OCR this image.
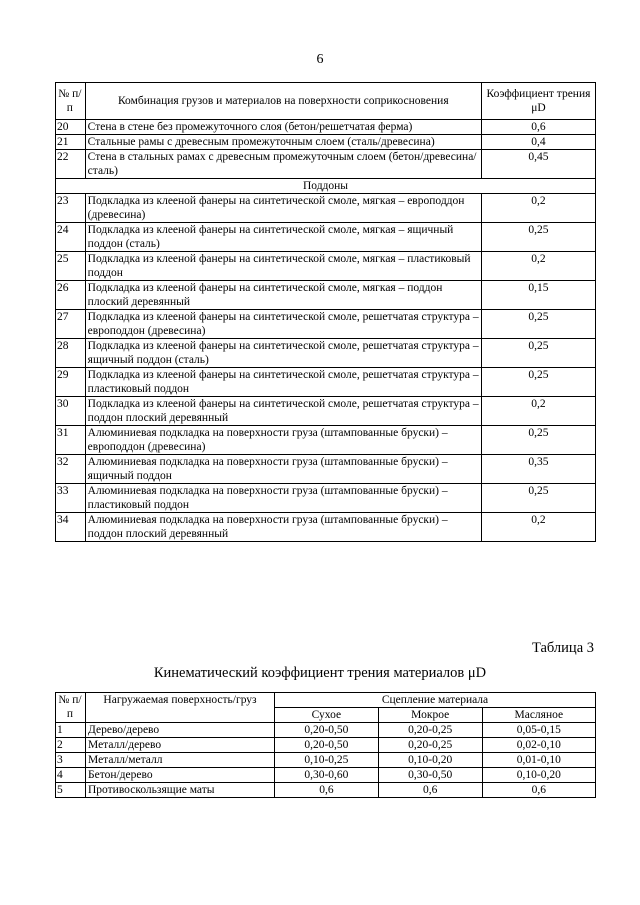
6
№ п/п	Комбинация грузов и материалов на поверхности соприкосновения	Коэффициент трения μD
20	Стена в стене без промежуточного слоя (бетон/решетчатая ферма)	0,6
21	Стальные рамы с древесным промежуточным слоем (сталь/древесина)	0,4
22	Стена в стальных рамах с древесным промежуточным слоем (бетон/древесина/сталь)	0,45
Поддоны		
23	Подкладка из клееной фанеры на синтетической смоле, мягкая – европоддон (древесина)	0,2
24	Подкладка из клееной фанеры на синтетической смоле, мягкая – ящичный поддон (сталь)	0,25
25	Подкладка из клееной фанеры на синтетической смоле, мягкая – пластиковый поддон	0,2
26	Подкладка из клееной фанеры на синтетической смоле, мягкая – поддон плоский деревянный	0,15
27	Подкладка из клееной фанеры на синтетической смоле, решетчатая структура – европоддон (древесина)	0,25
28	Подкладка из клееной фанеры на синтетической смоле, решетчатая структура – ящичный поддон (сталь)	0,25
29	Подкладка из клееной фанеры на синтетической смоле, решетчатая структура – пластиковый поддон	0,25
30	Подкладка из клееной фанеры на синтетической смоле, решетчатая структура – поддон плоский деревянный	0,2
31	Алюминиевая подкладка на поверхности груза (штампованные бруски) – европоддон (древесина)	0,25
32	Алюминиевая подкладка на поверхности груза (штампованные бруски) – ящичный поддон	0,35
33	Алюминиевая подкладка на поверхности груза (штампованные бруски) – пластиковый поддон	0,25
34	Алюминиевая подкладка на поверхности груза (штампованные бруски) – поддон плоский деревянный	0,2
Таблица 3
Кинематический коэффициент трения материалов μD
№ п/п	Нагружаемая поверхность/груз	Сцепление материала		
		Сухое	Мокрое	Масляное
1	Дерево/дерево	0,20-0,50	0,20-0,25	0,05-0,15
2	Металл/дерево	0,20-0,50	0,20-0,25	0,02-0,10
3	Металл/металл	0,10-0,25	0,10-0,20	0,01-0,10
4	Бетон/дерево	0,30-0,60	0,30-0,50	0,10-0,20
5	Противоскользящие маты	0,6	0,6	0,6
